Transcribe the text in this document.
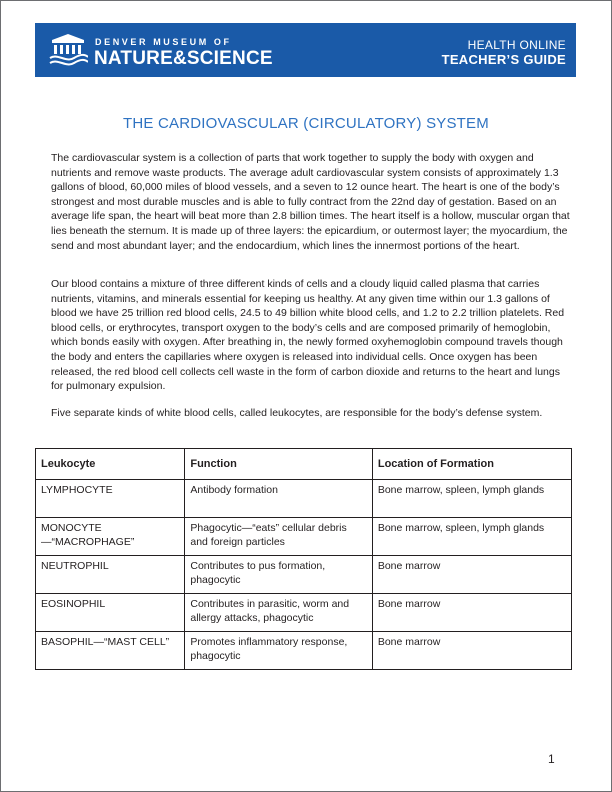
DENVER MUSEUM OF
NATURE&SCIENCE
HEALTH ONLINE
TEACHER’S GUIDE
THE CARDIOVASCULAR (CIRCULATORY) SYSTEM

The cardiovascular system is a collection of parts that work together to supply the body with oxygen and nutrients and remove waste products. The average adult cardiovascular system consists of approximately 1.3 gallons of blood, 60,000 miles of blood vessels, and a seven to 12 ounce heart. The heart is one of the body’s strongest and most durable muscles and is able to fully contract from the 22nd day of gestation. Based on an average life span, the heart will beat more than 2.8 billion times. The heart itself is a hollow, muscular organ that lies beneath the sternum. It is made up of three layers: the epicardium, or outermost layer; the myocardium, the send and most abundant layer; and the endocardium, which lines the innermost portions of the heart.

Our blood contains a mixture of three different kinds of cells and a cloudy liquid called plasma that carries nutrients, vitamins, and minerals essential for keeping us healthy. At any given time within our 1.3 gallons of blood we have 25 trillion red blood cells, 24.5 to 49 billion white blood cells, and 1.2 to 2.2 trillion platelets. Red blood cells, or erythrocytes, transport oxygen to the body’s cells and are composed primarily of hemoglobin, which bonds easily with oxygen. After breathing in, the newly formed oxyhemoglobin compound travels though the body and enters the capillaries where oxygen is released into individual cells. Once oxygen has been released, the red blood cell collects cell waste in the form of carbon dioxide and returns to the heart and lungs for pulmonary expulsion.

Five separate kinds of white blood cells, called leukocytes, are responsible for the body’s defense system.

Leukocyte	Function	Location of Formation
LYMPHOCYTE	Antibody formation	Bone marrow, spleen, lymph glands
MONOCYTE—“MACROPHAGE”	Phagocytic—“eats” cellular debris and foreign particles	Bone marrow, spleen, lymph glands
NEUTROPHIL	Contributes to pus formation, phagocytic	Bone marrow
EOSINOPHIL	Contributes in parasitic, worm and allergy attacks, phagocytic	Bone marrow
BASOPHIL—“MAST CELL”	Promotes inflammatory response, phagocytic	Bone marrow
1
